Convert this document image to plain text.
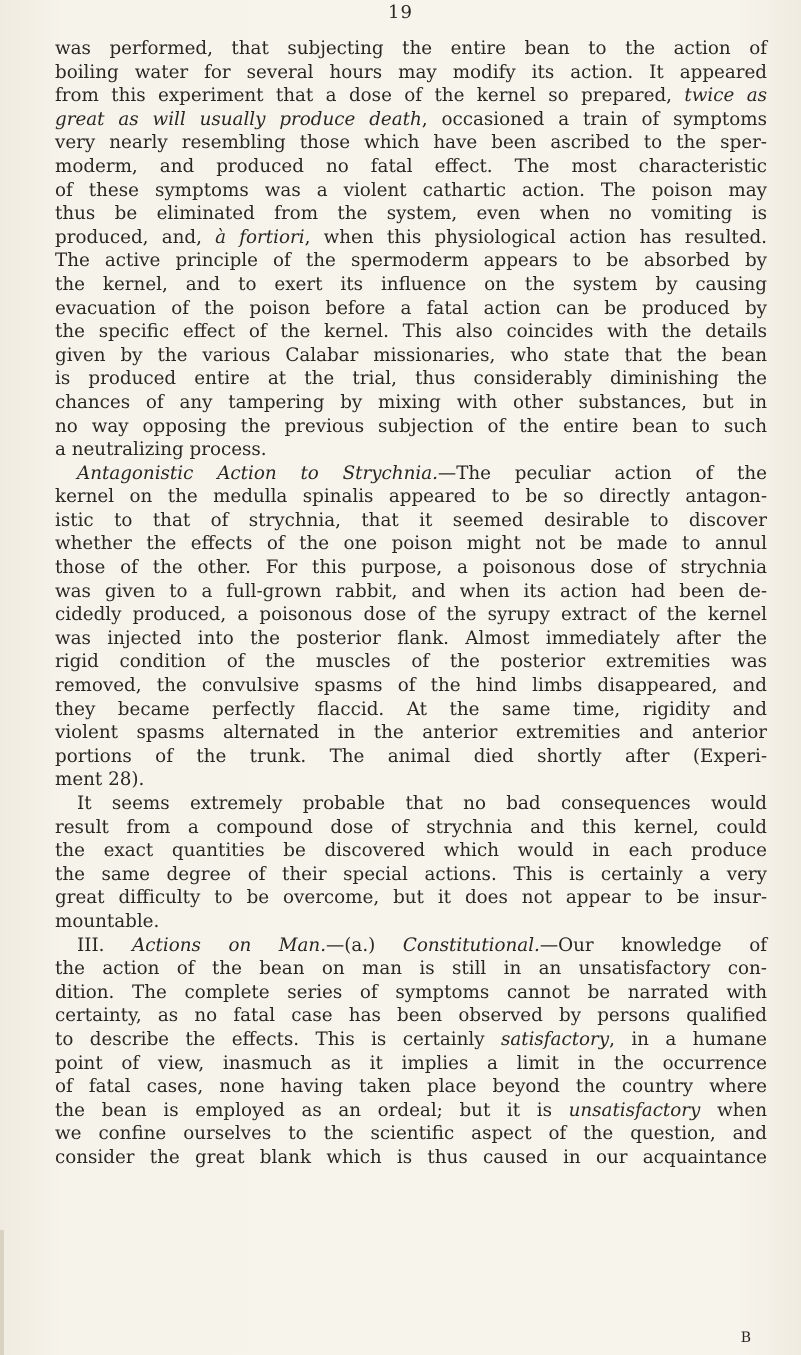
19
was performed, that subjecting the entire bean to the action of
boiling water for several hours may modify its action. It appeared
from this experiment that a dose of the kernel so prepared, twice as
great as will usually produce death, occasioned a train of symptoms
very nearly resembling those which have been ascribed to the sper-
moderm, and produced no fatal effect. The most characteristic
of these symptoms was a violent cathartic action. The poison may
thus be eliminated from the system, even when no vomiting is
produced, and, à fortiori, when this physiological action has resulted.
The active principle of the spermoderm appears to be absorbed by
the kernel, and to exert its influence on the system by causing
evacuation of the poison before a fatal action can be produced by
the specific effect of the kernel. This also coincides with the details
given by the various Calabar missionaries, who state that the bean
is produced entire at the trial, thus considerably diminishing the
chances of any tampering by mixing with other substances, but in
no way opposing the previous subjection of the entire bean to such
a neutralizing process.
Antagonistic Action to Strychnia.—The peculiar action of the
kernel on the medulla spinalis appeared to be so directly antagon-
istic to that of strychnia, that it seemed desirable to discover
whether the effects of the one poison might not be made to annul
those of the other. For this purpose, a poisonous dose of strychnia
was given to a full-grown rabbit, and when its action had been de-
cidedly produced, a poisonous dose of the syrupy extract of the kernel
was injected into the posterior flank. Almost immediately after the
rigid condition of the muscles of the posterior extremities was
removed, the convulsive spasms of the hind limbs disappeared, and
they became perfectly flaccid. At the same time, rigidity and
violent spasms alternated in the anterior extremities and anterior
portions of the trunk. The animal died shortly after (Experi-
ment 28).
It seems extremely probable that no bad consequences would
result from a compound dose of strychnia and this kernel, could
the exact quantities be discovered which would in each produce
the same degree of their special actions. This is certainly a very
great difficulty to be overcome, but it does not appear to be insur-
mountable.
III. Actions on Man.—(a.) Constitutional.—Our knowledge of
the action of the bean on man is still in an unsatisfactory con-
dition. The complete series of symptoms cannot be narrated with
certainty, as no fatal case has been observed by persons qualified
to describe the effects. This is certainly satisfactory, in a humane
point of view, inasmuch as it implies a limit in the occurrence
of fatal cases, none having taken place beyond the country where
the bean is employed as an ordeal; but it is unsatisfactory when
we confine ourselves to the scientific aspect of the question, and
consider the great blank which is thus caused in our acquaintance
B
